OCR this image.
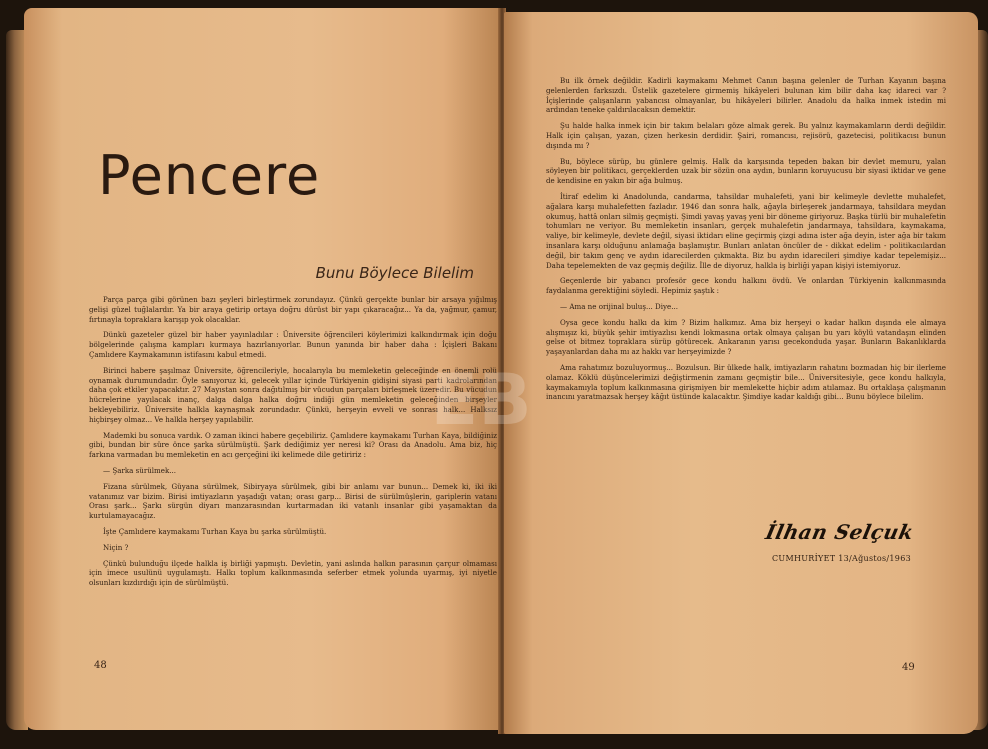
Pencere
Bunu Böylece Bilelim

Parça parça gibi görünen bazı şeyleri birleştirmek zorundayız. Çünkü gerçekte bunlar bir arsaya yığılmış gelişi güzel tuğlalardır. Ya bir araya getirip ortaya doğru dürüst bir yapı çıkaracağız... Ya da, yağmur, çamur, fırtınayla topraklara karışıp yok olacaklar.

Dünkü gazeteler güzel bir haber yayınladılar : Üniversite öğrencileri köylerimizi kalkındırmak için doğu bölgelerinde çalışma kampları kurmaya hazırlanıyorlar. Bunun yanında bir haber daha : İçişleri Bakanı Çamlıdere Kaymakamının istifasını kabul etmedi.

Birinci habere şaşılmaz Üniversite, öğrencileriyle, hocalarıyla bu memleketin geleceğinde en önemli rolü oynamak durumundadır. Öyle sanıyoruz ki, gelecek yıllar içinde Türkiyenin gidişini siyasi parti kadrolarından daha çok etkiler yapacaktır. 27 Mayıstan sonra dağıtılmış bir vücudun parçaları birleşmek üzeredir. Bu vücudun hücrelerine yayılacak inanç, dalga dalga halka doğru indiği gün memleketin geleceğinden birşeyler bekleyebiliriz. Üniversite halkla kaynaşmak zorundadır. Çünkü, herşeyin evveli ve sonrası halk... Halksız hiçbirşey olmaz... Ve halkla herşey yapılabilir.

Mademki bu sonuca vardık. O zaman ikinci habere geçebiliriz. Çamlıdere kaymakamı Turhan Kaya, bildiğiniz gibi, bundan bir süre önce şarka sürülmüştü. Şark dediğimiz yer neresi ki? Orası da Anadolu. Ama biz, hiç farkına varmadan bu memleketin en acı gerçeğini iki kelimede dile getiririz :

— Şarka sürülmek...

Fizana sürülmek, Güyana sürülmek, Sibiryaya sürülmek, gibi bir anlamı var bunun... Demek ki, iki iki vatanımız var bizim. Birisi imtiyazların yaşadığı vatan; orası garp... Birisi de sürülmüşlerin, gariplerin vatanı Orası şark... Şarkı sürgün diyarı manzarasından kurtarmadan iki vatanlı insanlar gibi yaşamaktan da kurtulamayacağız.

İşte Çamlıdere kaymakamı Turhan Kaya bu şarka sürülmüştü.

Niçin ?

Çünkü bulunduğu ilçede halkla iş birliği yapmıştı. Devletin, yani aslında halkın parasının çarçur olmaması için imece usulünü uygulamıştı. Halkı toplum kalkınmasında seferber etmek yolunda uyarmış, iyi niyetle olsunları kızdırdığı için de sürülmüştü.

48

Bu ilk örnek değildir. Kadirli kaymakamı Mehmet Canın başına gelenler de Turhan Kayanın başına gelenlerden farksızdı. Üstelik gazetelere girmemiş hikâyeleri bulunan kim bilir daha kaç idareci var ? İçişlerinde çalışanların yabancısı olmayanlar, bu hikâyeleri bilirler. Anadolu da halka inmek istedin mi ardından teneke çaldırılacaksın demektir.

Şu halde halka inmek için bir takım belaları göze almak gerek. Bu yalnız kaymakamların derdi değildir. Halk için çalışan, yazan, çizen herkesin derdidir. Şairi, romancısı, rejisörü, gazetecisi, politikacısı bunun dışında mı ?

Bu, böylece sürüp, bu günlere gelmiş. Halk da karşısında tepeden bakan bir devlet memuru, yalan söyleyen bir politikacı, gerçeklerden uzak bir sözün ona aydın, bunların koruyucusu bir siyasi iktidar ve gene de kendisine en yakın bir ağa bulmuş.

İtiraf edelim ki Anadolunda, candarma, tahsildar muhalefeti, yani bir kelimeyle devlette muhalefet, ağalara karşı muhalefetten fazladır. 1946 dan sonra halk, ağayla birleşerek jandarmaya, tahsildara meydan okumuş, hattâ onları silmiş geçmişti. Şimdi yavaş yavaş yeni bir döneme giriyoruz. Başka türlü bir muhalefetin tohumları ne veriyor. Bu memleketin insanları, gerçek muhalefetin jandarmaya, tahsildara, kaymakama, valiye, bir kelimeyle, devlete değil, siyasi iktidarı eline geçirmiş çizgi adına ister ağa deyin, ister ağa bir takım insanlara karşı olduğunu anlamağa başlamıştır. Bunları anlatan öncüler de - dikkat edelim - politikacılardan değil, bir takım genç ve aydın idarecilerden çıkmakta. Biz bu aydın idarecileri şimdiye kadar tepelemişiz... Daha tepelemekten de vaz geçmiş değiliz. İlle de diyoruz, halkla iş birliği yapan kişiyi istemiyoruz.

Geçenlerde bir yabancı profesör gece kondu halkını övdü. Ve onlardan Türkiyenin kalkınmasında faydalanma gerektiğini söyledi. Hepimiz şaştık :

— Ama ne orijinal buluş... Diye...

Oysa gece kondu halkı da kim ? Bizim halkımız. Ama biz herşeyi o kadar halkın dışında ele almaya alışmışız ki, büyük şehir imtiyazlısı kendi lokmasına ortak olmaya çalışan bu yarı köylü vatandaşın elinden gelse ot bitmez topraklara sürüp götürecek. Ankaranın yarısı gecekonduda yaşar. Bunların Bakanlıklarda yaşayanlardan daha mı az hakkı var herşeyimizde ?

Ama rahatımız bozuluyormuş... Bozulsun. Bir ülkede halk, imtiyazların rahatını bozmadan hiç bir ilerleme olamaz. Köklü düşüncelerimizi değiştirmenin zamanı geçmiştir bile... Üniversitesiyle, gece kondu halkıyla, kaymakamıyla toplum kalkınmasına girişmiyen bir memlekette hiçbir adım atılamaz. Bu ortaklaşa çalışmanın inancını yaratmazsak herşey kâğıt üstünde kalacaktır. Şimdiye kadar kaldığı gibi... Bunu böylece bilelim.

İlhan Selçuk
CUMHURİYET 13/Ağustos/1963
49
EB
